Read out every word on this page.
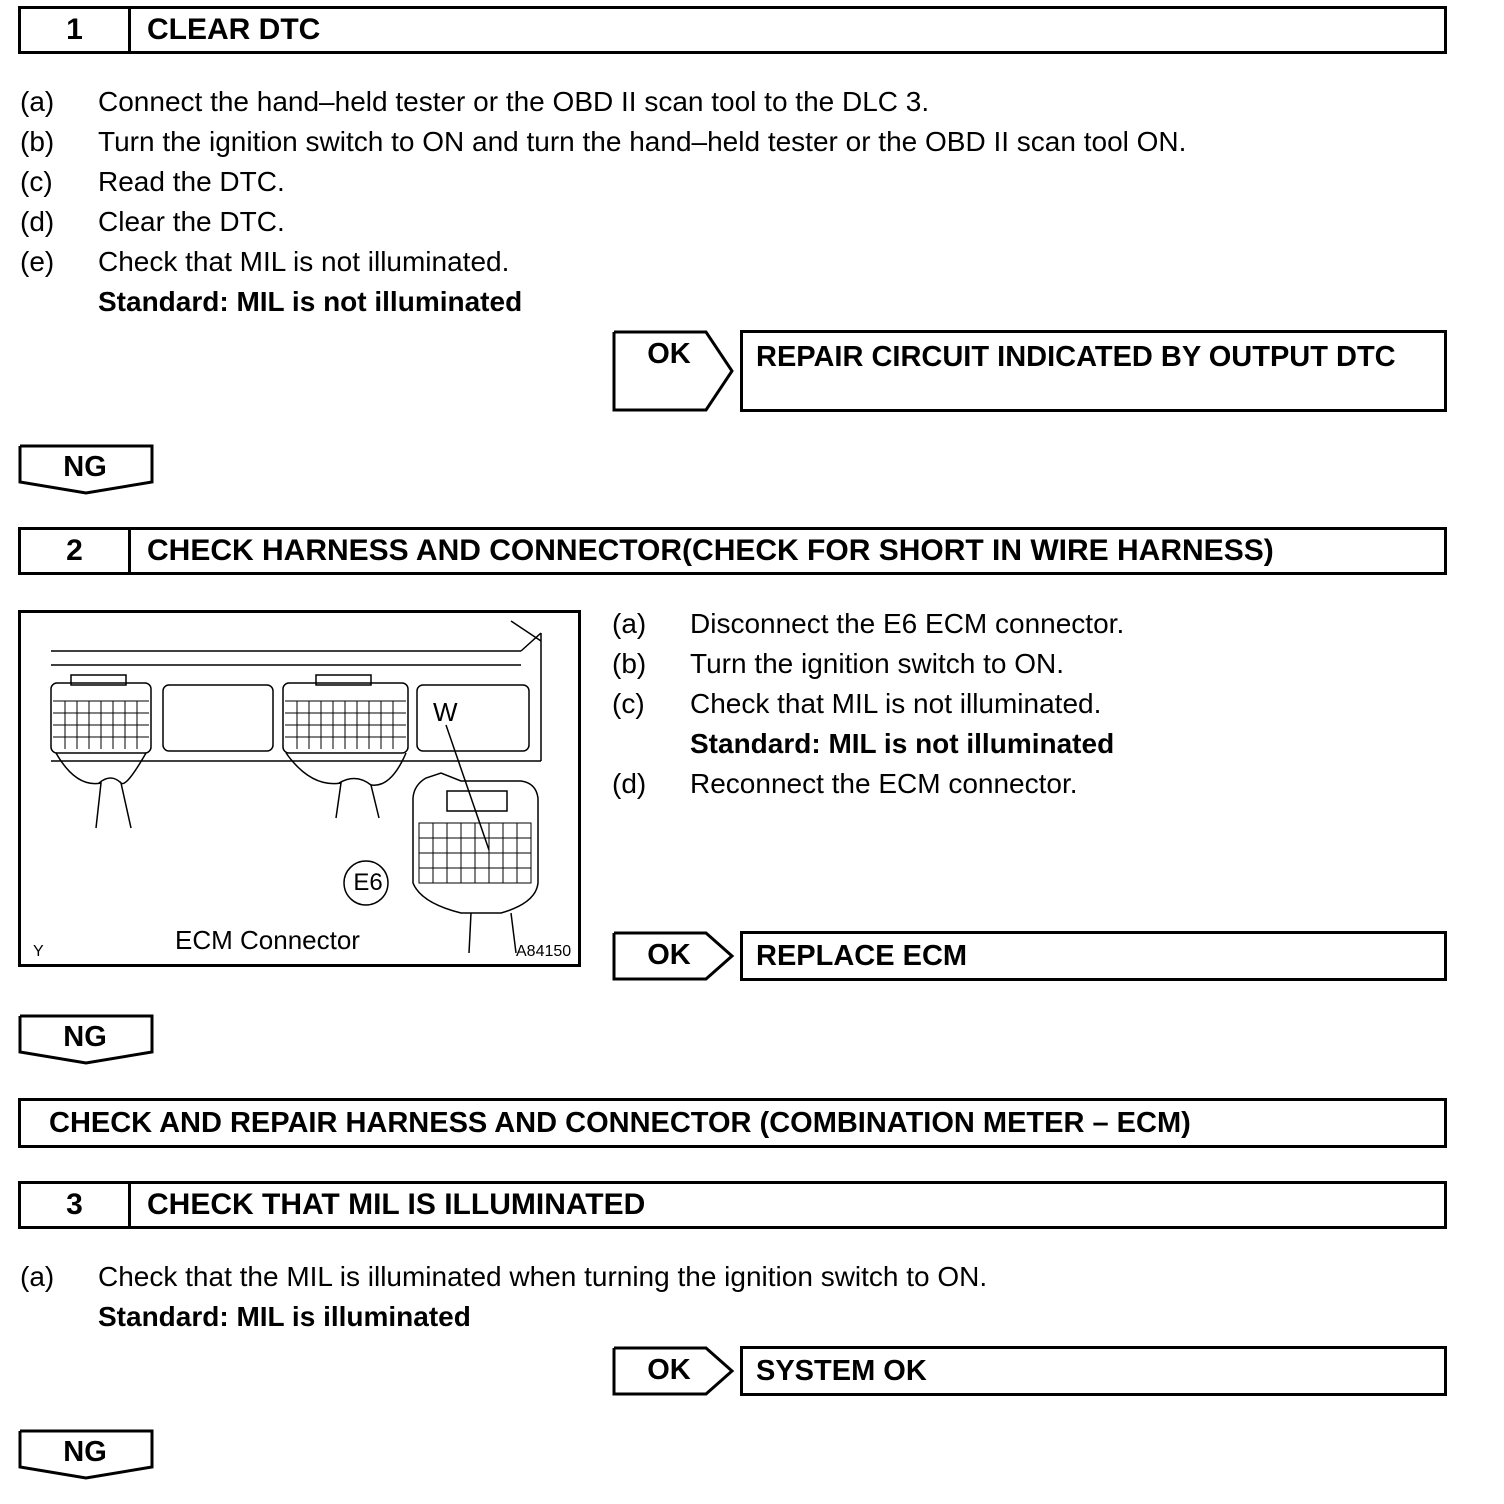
1	CLEAR DTC
(a) Connect the hand–held tester or the OBD II scan tool to the DLC 3.
(b) Turn the ignition switch to ON and turn the hand–held tester or the OBD II scan tool ON.
(c) Read the DTC.
(d) Clear the DTC.
(e) Check that MIL is not illuminated.
Standard: MIL is not illuminated
OK	REPAIR CIRCUIT INDICATED BY OUTPUT DTC
NG
2	CHECK HARNESS AND CONNECTOR(CHECK FOR SHORT IN WIRE HARNESS)
W
E6
ECM Connector
Y	A84150
(a) Disconnect the E6 ECM connector.
(b) Turn the ignition switch to ON.
(c) Check that MIL is not illuminated.
Standard: MIL is not illuminated
(d) Reconnect the ECM connector.
OK	REPLACE ECM
NG
CHECK AND REPAIR HARNESS AND CONNECTOR (COMBINATION METER – ECM)
3	CHECK THAT MIL IS ILLUMINATED
(a) Check that the MIL is illuminated when turning the ignition switch to ON.
Standard: MIL is illuminated
OK	SYSTEM OK
NG
